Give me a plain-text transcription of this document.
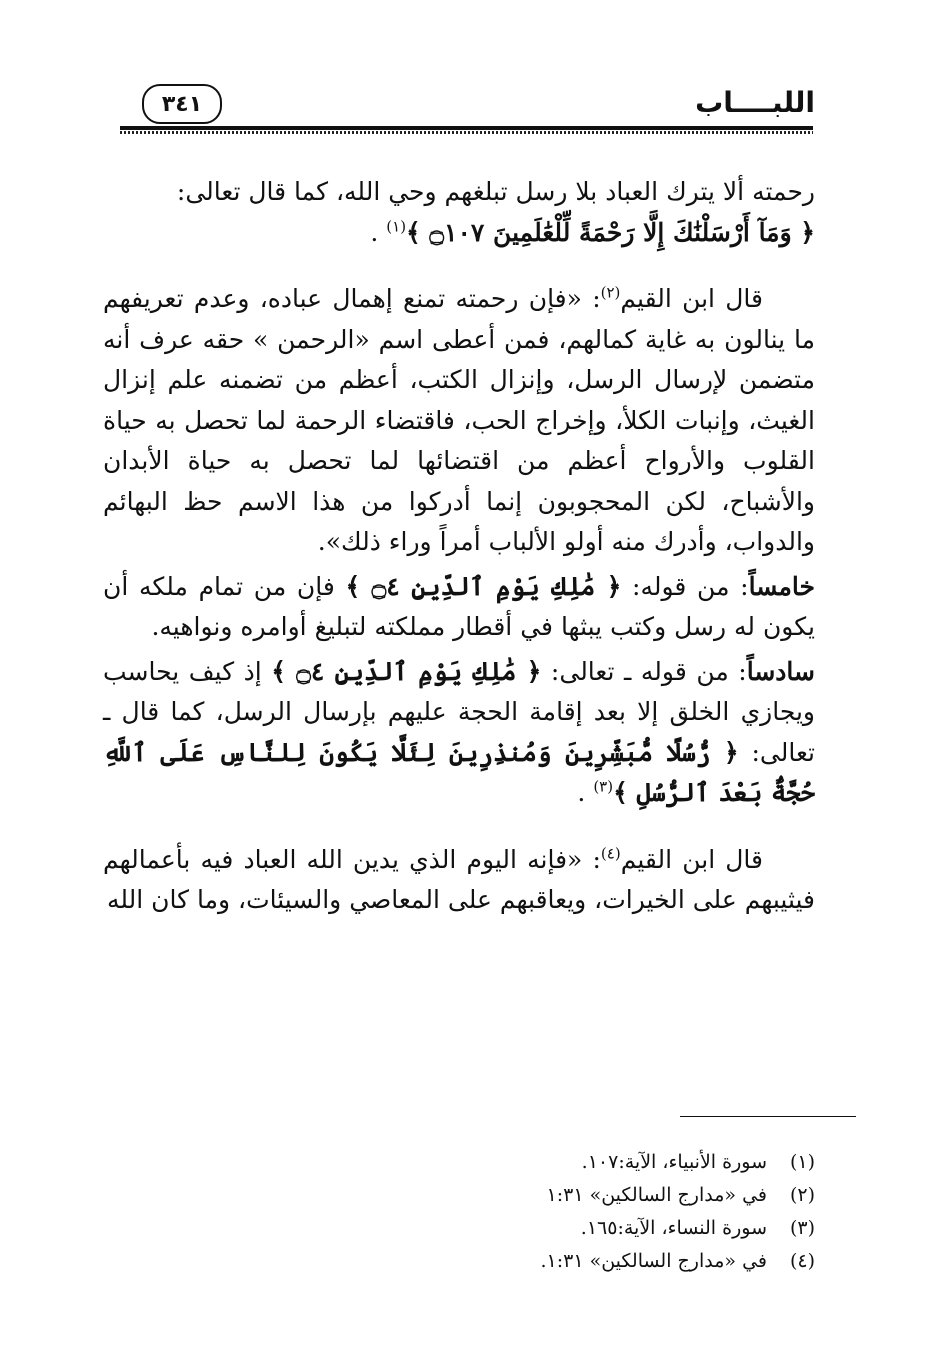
اللبــــاب
٣٤١

رحمته ألا يترك العباد بلا رسل تبلغهم وحي الله، كما قال تعالى:
﴿ وَمَآ أَرْسَلْنَٰكَ إِلَّا رَحْمَةً لِّلْعَٰلَمِينَ ۝١٠٧ ﴾$^{(١)}$ .

قال ابن القيم$^{(٢)}$: «فإن رحمته تمنع إهمال عباده، وعدم تعريفهم ما ينالون به غاية كمالهم، فمن أعطى اسم «الرحمن » حقه عرف أنه متضمن لإرسال الرسل، وإنزال الكتب، أعظم من تضمنه علم إنزال الغيث، وإنبات الكلأ، وإخراج الحب، فاقتضاء الرحمة لما تحصل به حياة القلوب والأرواح أعظم من اقتضائها لما تحصل به حياة الأبدان والأشباح، لكن المحجوبون إنما أدركوا من هذا الاسم حظ البهائم والدواب، وأدرك منه أولو الألباب أمراً وراء ذلك».

خامساً: من قوله: ﴿ مَٰلِكِ يَوْمِ ٱلدِّينِ ۝٤ ﴾ فإن من تمام ملكه أن يكون له رسل وكتب يبثها في أقطار مملكته لتبليغ أوامره ونواهيه.

سادساً: من قوله ـ تعالى: ﴿ مَٰلِكِ يَوْمِ ٱلدِّينِ ۝٤ ﴾ إذ كيف يحاسب ويجازي الخلق إلا بعد إقامة الحجة عليهم بإرسال الرسل، كما قال ـ تعالى: ﴿ رُّسُلًا مُّبَشِّرِينَ وَمُنذِرِينَ لِئَلَّا يَكُونَ لِلنَّاسِ عَلَى ٱللَّهِ حُجَّةٌۢ بَعْدَ ٱلرُّسُلِ ﴾$^{(٣)}$ .

قال ابن القيم$^{(٤)}$: «فإنه اليوم الذي يدين الله العباد فيه بأعمالهم فيثيبهم على الخيرات، ويعاقبهم على المعاصي والسيئات، وما كان الله

(١)
سورة الأنبياء، الآية:١٠٧.
(٢)
في «مدارج السالكين» ١:٣١
(٣)
سورة النساء، الآية:١٦٥.
(٤)
في «مدارج السالكين» ١:٣١.
